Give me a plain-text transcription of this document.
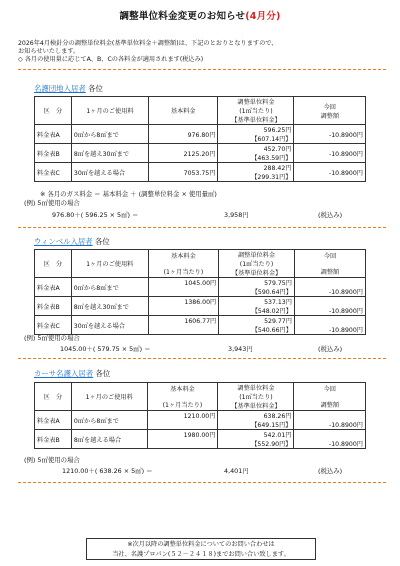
調整単位料金変更のお知らせ(4月分)
2026年4月検針分の調整単位料金(基準単位料金＋調整額)は、下記のとおりとなりますので、
お知らせいたします。
◇ 各月の使用量に応じてA、B、Cの各料金が適用されます(税込み)
名護団地入居者 各位
区　分	1ヶ月のご使用料	基本料金	調整単位料金	今回
調整額
			(1㎥当たり)	
			【基準単位料金】	
料金表A	0㎥から8㎥まで	976.80円	596.25円	-10.8900円
			【607.14円】	
料金表B	8㎥を越え30㎥まで	2125.20円	452.70円	-10.8900円
			【463.59円】	
料金表C	30㎥を越える場合	7053.75円	288.42円	-10.8900円
			【299.31円】	
※ 各月のガス料金 ＝ 基本料金 ＋ (調整単位料金 × 使用量㎥)
(例) 5㎥使用の場合
976.80＋( 596.25 × 5㎥) ＝	3,958円	(税込み)
ウィンベル入居者 各位
区　分	1ヶ月のご使用料	基本料金

(1ヶ月当たり)	調整単位料金	今回

調整額
			(1㎥当たり)	
			【基準単位料金】	
料金表A	0㎥から8㎥まで	1045.00円	579.75円	-10.8900円
			【590.64円】	
料金表B	8㎥を越え30㎥まで	1386.00円	537.13円	-10.8900円
			【548.02円】	
料金表C	30㎥を越える場合	1606.77円	529.77円	-10.8900円
			【540.66円】	
(例) 5㎥使用の場合
1045.00＋( 579.75 × 5㎥) ＝	3,943円	(税込み)
カーサ名護入居者 各位
区　分	1ヶ月のご使用料	基本料金

(1ヶ月当たり)	調整単位料金	今回

調整額
			(1㎥当たり)	
			【基準単位料金】	
料金表A	0㎥から8㎥まで	1210.00円	638.26円	-10.8900円
			【649.15円】	
料金表B	8㎥を越える場合	1980.00円	542.01円	-10.8900円
			【552.90円】	
(例) 5㎥使用の場合
1210.00＋( 638.26 × 5㎥) ＝	4,401円	(税込み)
※次月以降の調整単位料金についてのお問い合わせは
当社、名護プロパン(５２－２４１８)までお問い合い致します。
